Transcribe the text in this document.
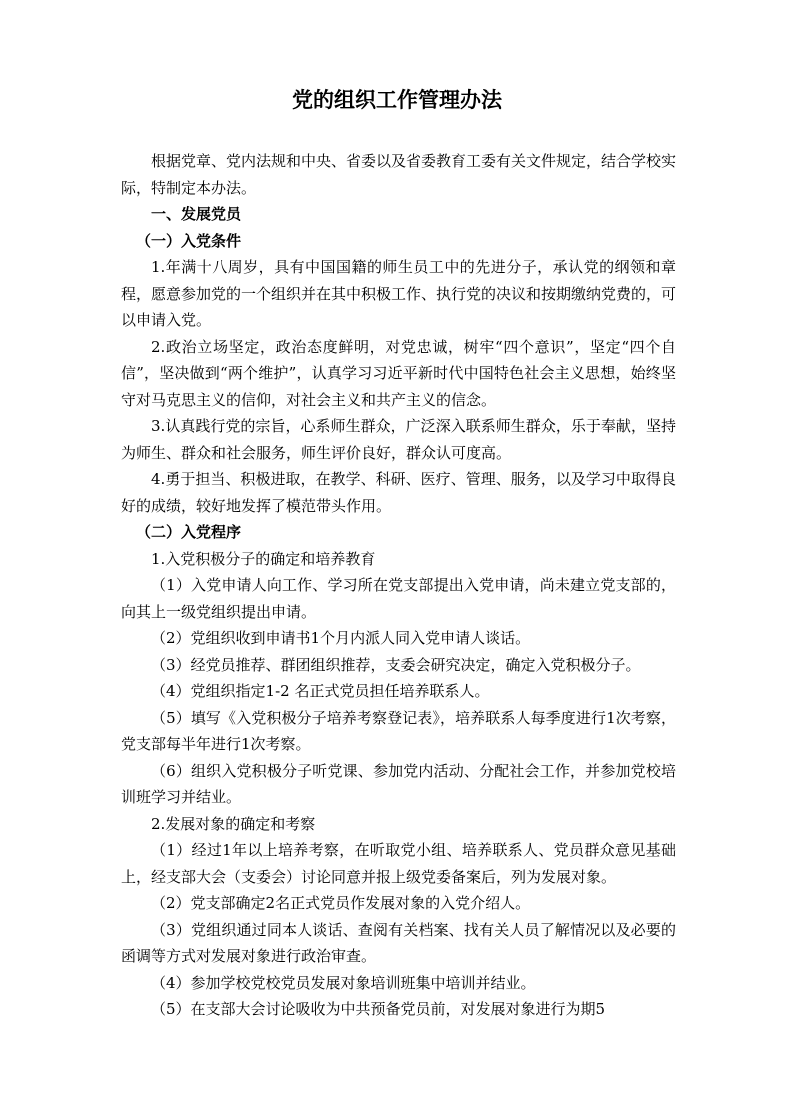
党的组织工作管理办法

根据党章、党内法规和中央、省委以及省委教育工委有关文件规定，结合学校实际，特制定本办法。

一、发展党员

（一）入党条件

1.年满十八周岁，具有中国国籍的师生员工中的先进分子，承认党的纲领和章程，愿意参加党的一个组织并在其中积极工作、执行党的决议和按期缴纳党费的，可以申请入党。

2.政治立场坚定，政治态度鲜明，对党忠诚，树牢“四个意识”，坚定“四个自信”，坚决做到“两个维护”，认真学习习近平新时代中国特色社会主义思想，始终坚守对马克思主义的信仰，对社会主义和共产主义的信念。

3.认真践行党的宗旨，心系师生群众，广泛深入联系师生群众，乐于奉献，坚持为师生、群众和社会服务，师生评价良好，群众认可度高。

4.勇于担当、积极进取，在教学、科研、医疗、管理、服务，以及学习中取得良好的成绩，较好地发挥了模范带头作用。

（二）入党程序

1.入党积极分子的确定和培养教育

（1）入党申请人向工作、学习所在党支部提出入党申请，尚未建立党支部的，向其上一级党组织提出申请。

（2）党组织收到申请书1个月内派人同入党申请人谈话。

（3）经党员推荐、群团组织推荐，支委会研究决定，确定入党积极分子。

（4）党组织指定1-2 名正式党员担任培养联系人。

（5）填写《入党积极分子培养考察登记表》，培养联系人每季度进行1次考察，党支部每半年进行1次考察。

（6）组织入党积极分子听党课、参加党内活动、分配社会工作，并参加党校培训班学习并结业。

2.发展对象的确定和考察

（1）经过1年以上培养考察，在听取党小组、培养联系人、党员群众意见基础上，经支部大会（支委会）讨论同意并报上级党委备案后，列为发展对象。

（2）党支部确定2名正式党员作发展对象的入党介绍人。

（3）党组织通过同本人谈话、查阅有关档案、找有关人员了解情况以及必要的函调等方式对发展对象进行政治审查。

（4）参加学校党校党员发展对象培训班集中培训并结业。

（5）在支部大会讨论吸收为中共预备党员前，对发展对象进行为期5
